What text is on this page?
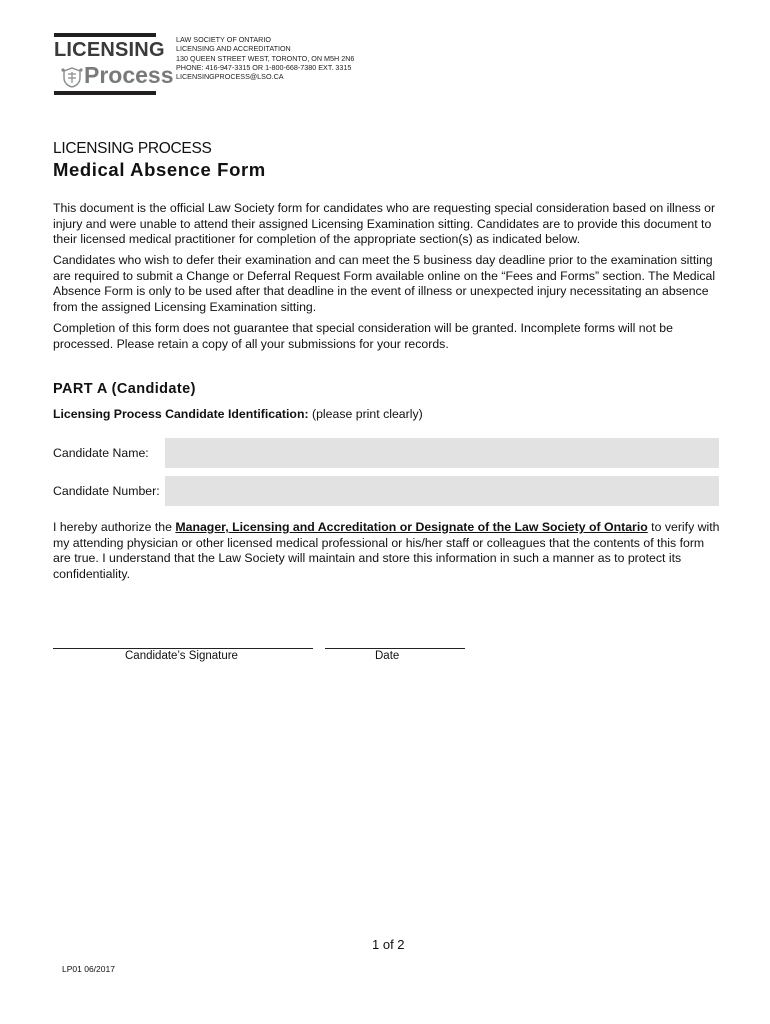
LICENSING
Process
LAW SOCIETY OF ONTARIO
LICENSING AND ACCREDITATION
130 QUEEN STREET WEST, TORONTO, ON M5H 2N6
PHONE: 416-947-3315 OR 1-800-668-7380 EXT. 3315
LICENSINGPROCESS@LSO.CA
LICENSING PROCESS
Medical Absence Form

This document is the official Law Society form for candidates who are requesting special consideration based on illness or injury and were unable to attend their assigned Licensing Examination sitting. Candidates are to provide this document to their licensed medical practitioner for completion of the appropriate section(s) as indicated below.

Candidates who wish to defer their examination and can meet the 5 business day deadline prior to the examination sitting are required to submit a Change or Deferral Request Form available online on the “Fees and Forms” section. The Medical Absence Form is only to be used after that deadline in the event of illness or unexpected injury necessitating an absence from the assigned Licensing Examination sitting.

Completion of this form does not guarantee that special consideration will be granted. Incomplete forms will not be processed. Please retain a copy of all your submissions for your records.

PART A (Candidate)
Licensing Process Candidate Identification: (please print clearly)
Candidate Name:
Candidate Number:

I hereby authorize the Manager, Licensing and Accreditation or Designate of the Law Society of Ontario to verify with my attending physician or other licensed medical professional or his/her staff or colleagues that the contents of this form are true. I understand that the Law Society will maintain and store this information in such a manner as to protect its confidentiality.

Candidate’s Signature	Date
1 of 2
LP01 06/2017
